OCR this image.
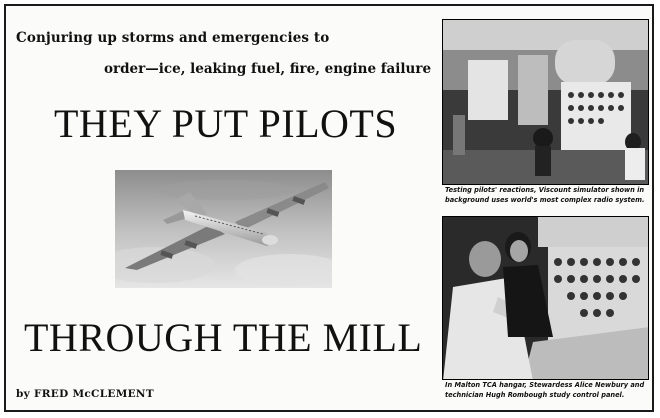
Conjuring up storms and emergencies to
order—ice, leaking fuel, fire, engine failure
THEY PUT PILOTS
THROUGH THE MILL
by FRED McCLEMENT
Testing pilots' reactions, Viscount simulator shown in background uses world's most complex radio system.
In Malton TCA hangar, Stewardess Alice Newbury and technician Hugh Rombough study control panel.
